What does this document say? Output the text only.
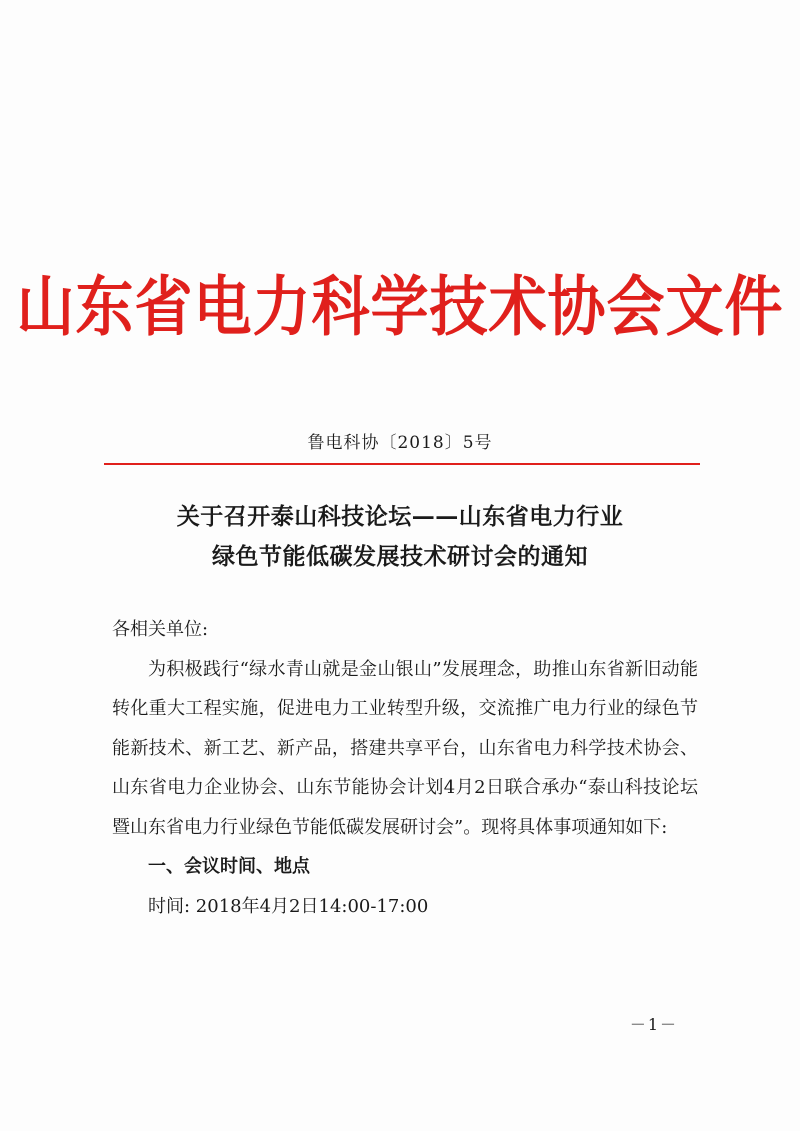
山东省电力科学技术协会文件
鲁电科协〔2018〕5号
关于召开泰山科技论坛——山东省电力行业
绿色节能低碳发展技术研讨会的通知

各相关单位:

为积极践行“绿水青山就是金山银山”发展理念，助推山东省新旧动能转化重大工程实施，促进电力工业转型升级，交流推广电力行业的绿色节能新技术、新工艺、新产品，搭建共享平台，山东省电力科学技术协会、山东省电力企业协会、山东节能协会计划4月2日联合承办“泰山科技论坛暨山东省电力行业绿色节能低碳发展研讨会”。现将具体事项通知如下:

一、会议时间、地点

时间: 2018年4月2日14:00-17:00

－1－
